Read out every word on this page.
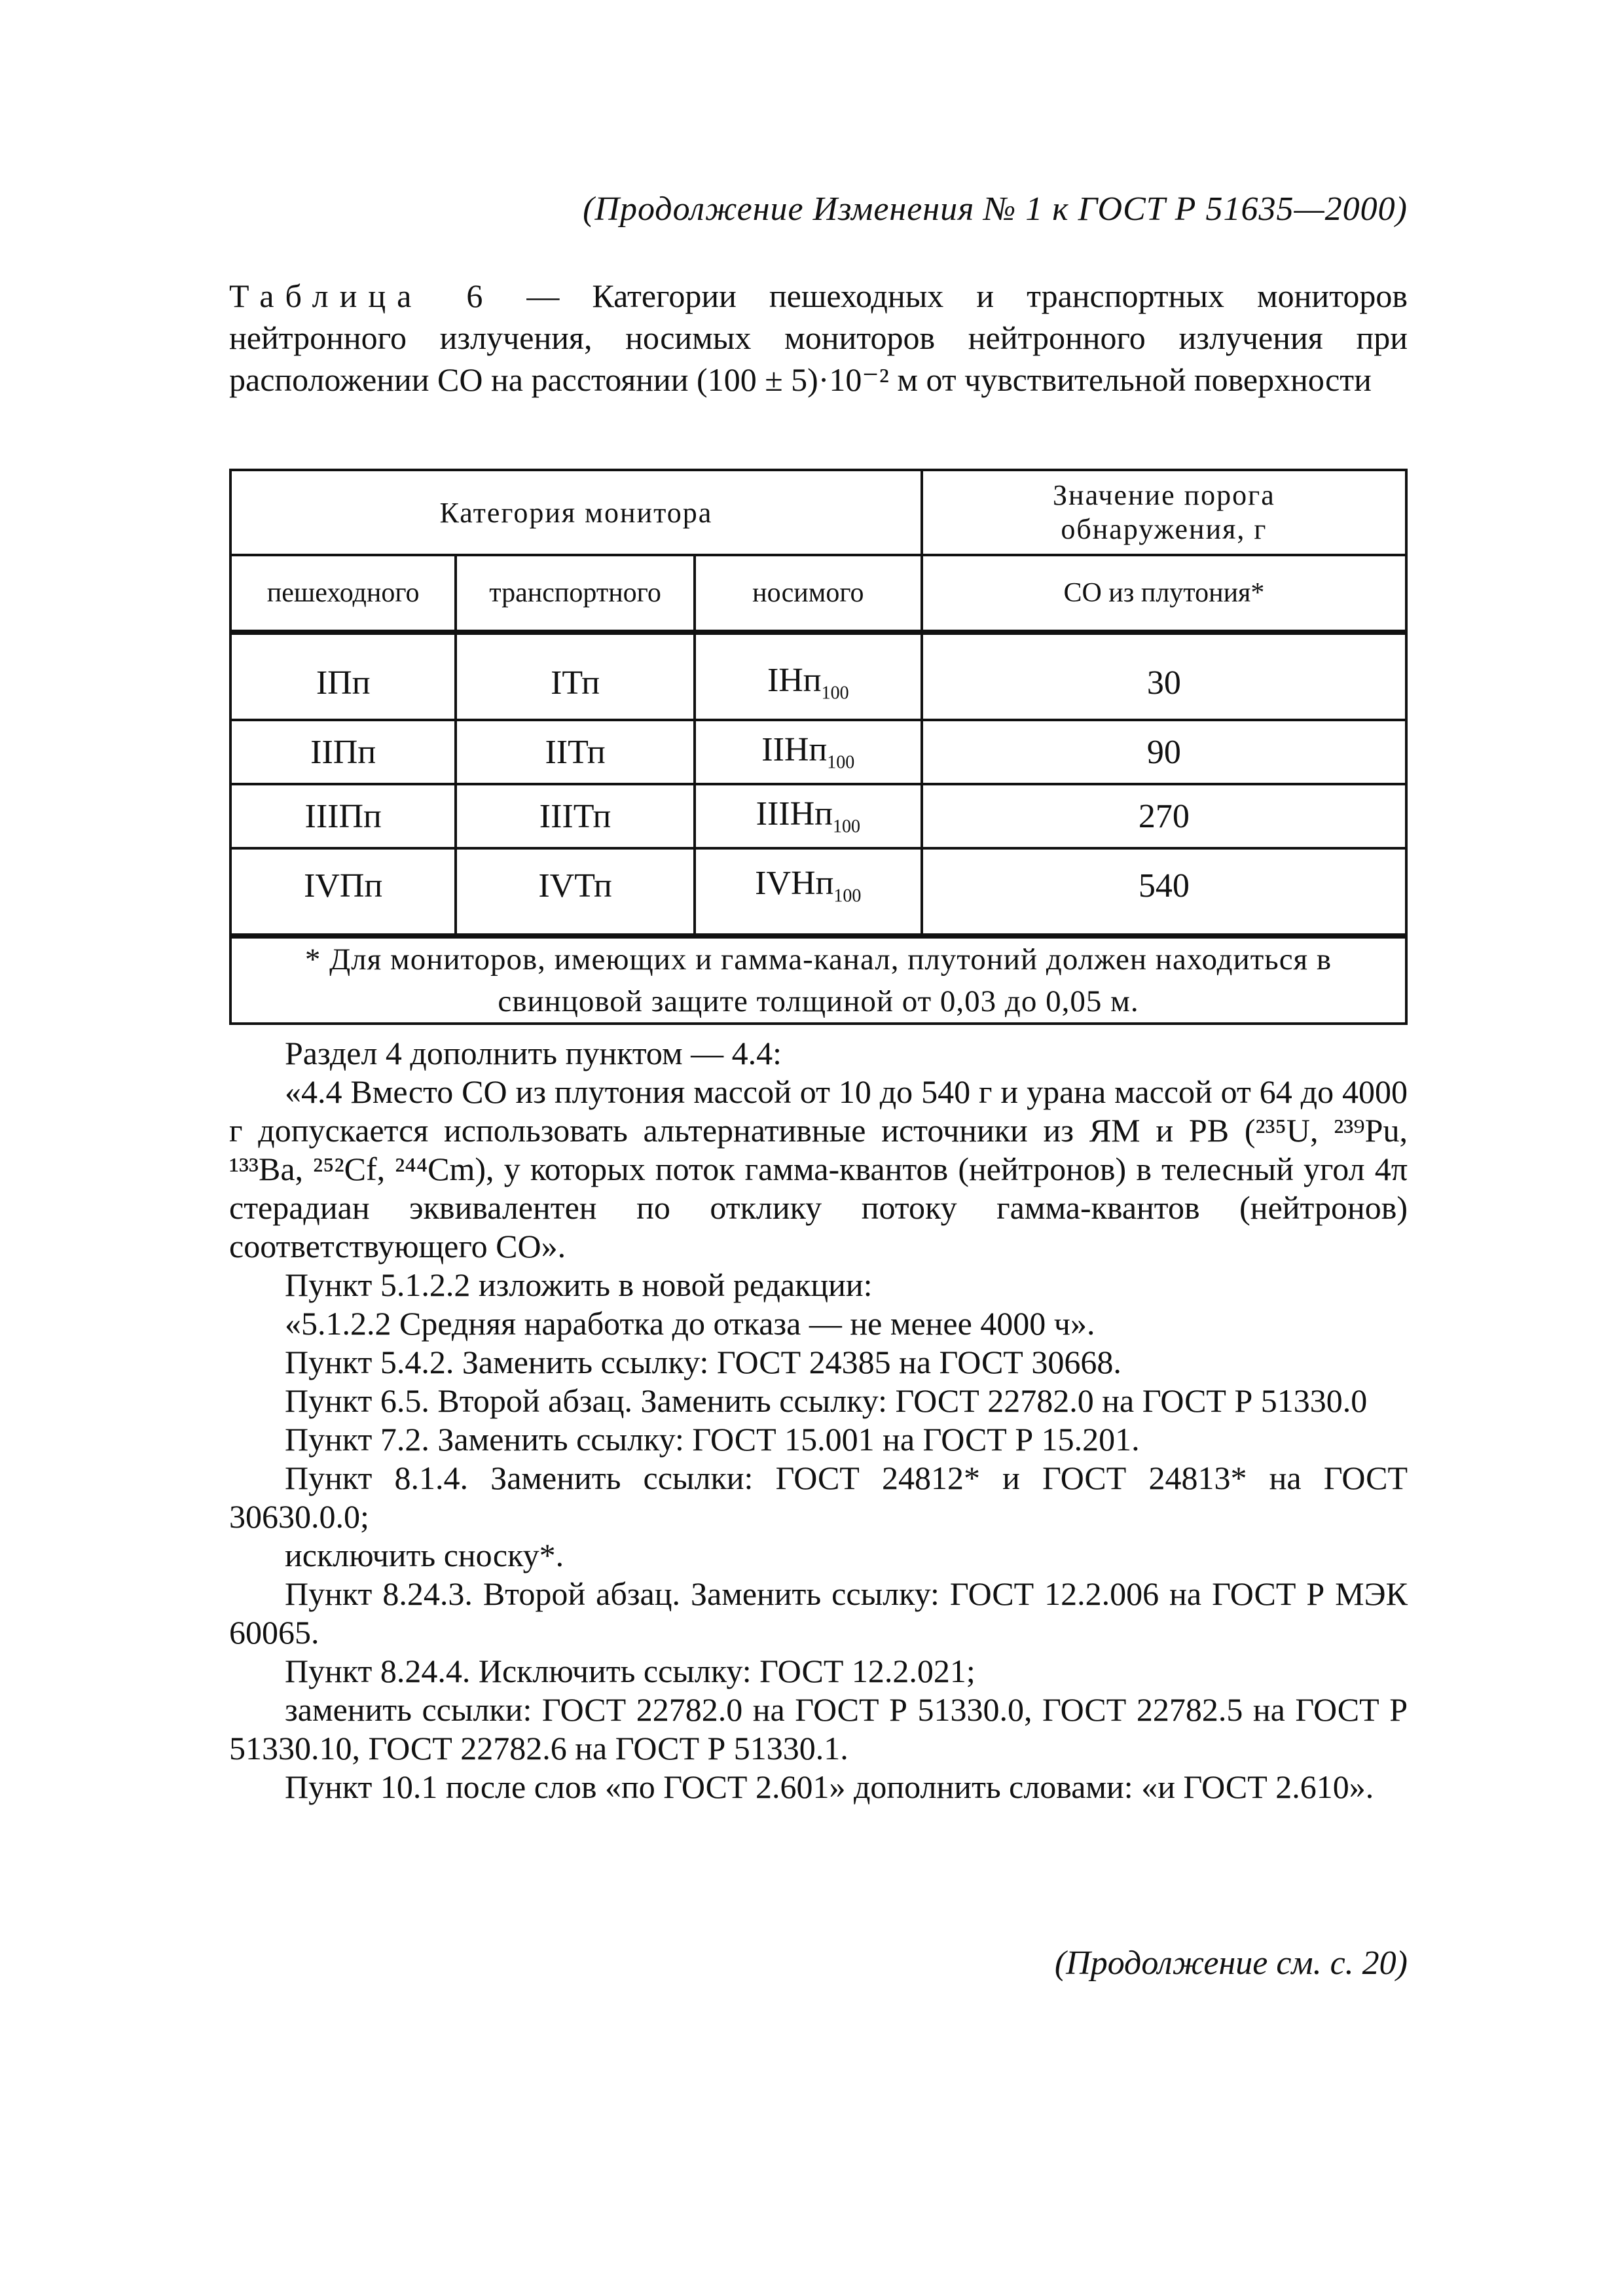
(Продолжение Изменения № 1 к ГОСТ Р 51635—2000)
Таблица 6 — Категории пешеходных и транспортных мониторов нейтронного излучения, носимых мониторов нейтронного излучения при расположении СО на расстоянии (100 ± 5)·10⁻² м от чувствительной поверхности
Категория монитора			Значение порога обнаружения, г
пешеходного	транспортного	носимого	СО из плутония*

IПп	IТп	IНп$_{100}$	30
IIПп	IIТп	IIНп$_{100}$	90
IIIПп	IIIТп	IIIНп$_{100}$	270
IVПп	IVТп	IVНп$_{100}$	540

* Для мониторов, имеющих и гамма-канал, плутоний должен находиться в свинцовой защите толщиной от 0,03 до 0,05 м.			

Раздел 4 дополнить пунктом — 4.4:

«4.4 Вместо СО из плутония массой от 10 до 540 г и урана массой от 64 до 4000 г допускается использовать альтернативные источники из ЯМ и РВ (²³⁵U, ²³⁹Pu, ¹³³Ba, ²⁵²Cf, ²⁴⁴Cm), у которых поток гамма-квантов (нейтронов) в телесный угол 4π стерадиан эквивалентен по отклику потоку гамма-квантов (нейтронов) соответствующего СО».

Пункт 5.1.2.2 изложить в новой редакции:

«5.1.2.2 Средняя наработка до отказа — не менее 4000 ч».

Пункт 5.4.2. Заменить ссылку: ГОСТ 24385 на ГОСТ 30668.

Пункт 6.5. Второй абзац. Заменить ссылку: ГОСТ 22782.0 на ГОСТ Р 51330.0

Пункт 7.2. Заменить ссылку: ГОСТ 15.001 на ГОСТ Р 15.201.

Пункт 8.1.4. Заменить ссылки: ГОСТ 24812* и ГОСТ 24813* на ГОСТ 30630.0.0;

исключить сноску*.

Пункт 8.24.3. Второй абзац. Заменить ссылку: ГОСТ 12.2.006 на ГОСТ Р МЭК 60065.

Пункт 8.24.4. Исключить ссылку: ГОСТ 12.2.021;

заменить ссылки: ГОСТ 22782.0 на ГОСТ Р 51330.0, ГОСТ 22782.5 на ГОСТ Р 51330.10, ГОСТ 22782.6 на ГОСТ Р 51330.1.

Пункт 10.1 после слов «по ГОСТ 2.601» дополнить словами: «и ГОСТ 2.610».

(Продолжение см. с. 20)
